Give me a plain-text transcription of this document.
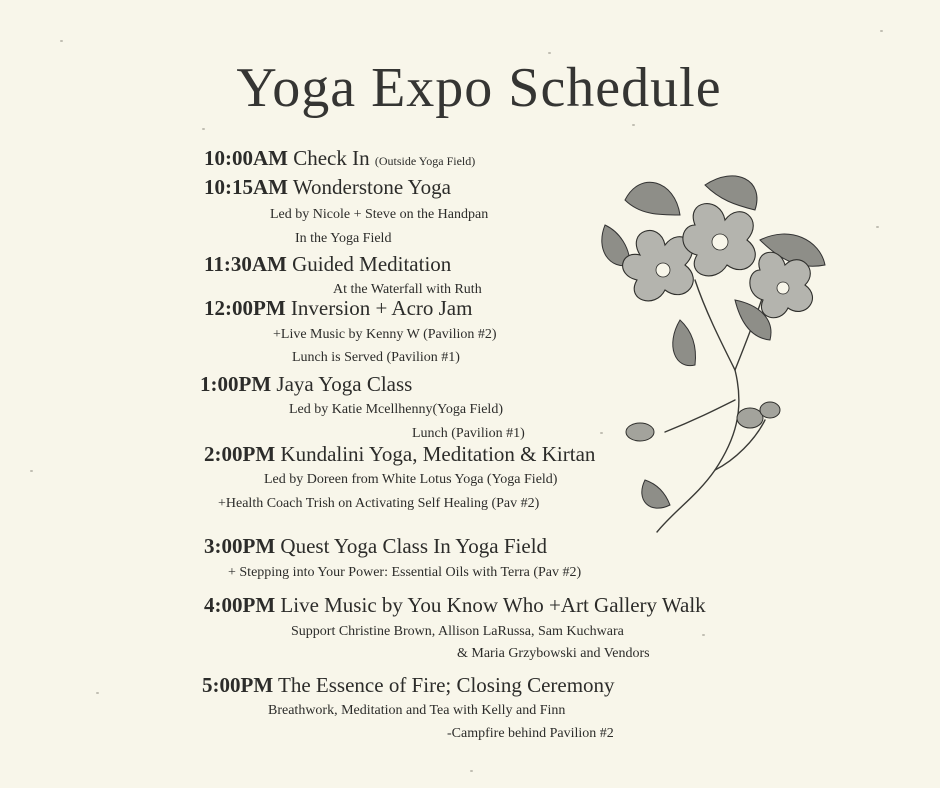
Yoga Expo Schedule
10:00AM Check In (Outside Yoga Field)
10:15AM Wonderstone Yoga
Led by Nicole + Steve on the Handpan
In the Yoga Field
11:30AM Guided Meditation
At the Waterfall with Ruth
12:00PM Inversion + Acro Jam
+Live Music by Kenny W (Pavilion #2)
Lunch is Served (Pavilion #1)
1:00PM Jaya Yoga Class
Led by Katie Mcellhenny(Yoga Field)
Lunch (Pavilion #1)
2:00PM Kundalini Yoga, Meditation & Kirtan
Led by Doreen from White Lotus Yoga (Yoga Field)
+Health Coach Trish on Activating Self Healing (Pav #2)
3:00PM Quest Yoga Class In Yoga Field
+ Stepping into Your Power: Essential Oils with Terra (Pav #2)
4:00PM Live Music by You Know Who +Art Gallery Walk
Support Christine Brown, Allison LaRussa, Sam Kuchwara
& Maria Grzybowski and Vendors
5:00PM The Essence of Fire; Closing Ceremony
Breathwork, Meditation and Tea with Kelly and Finn
-Campfire behind Pavilion #2
